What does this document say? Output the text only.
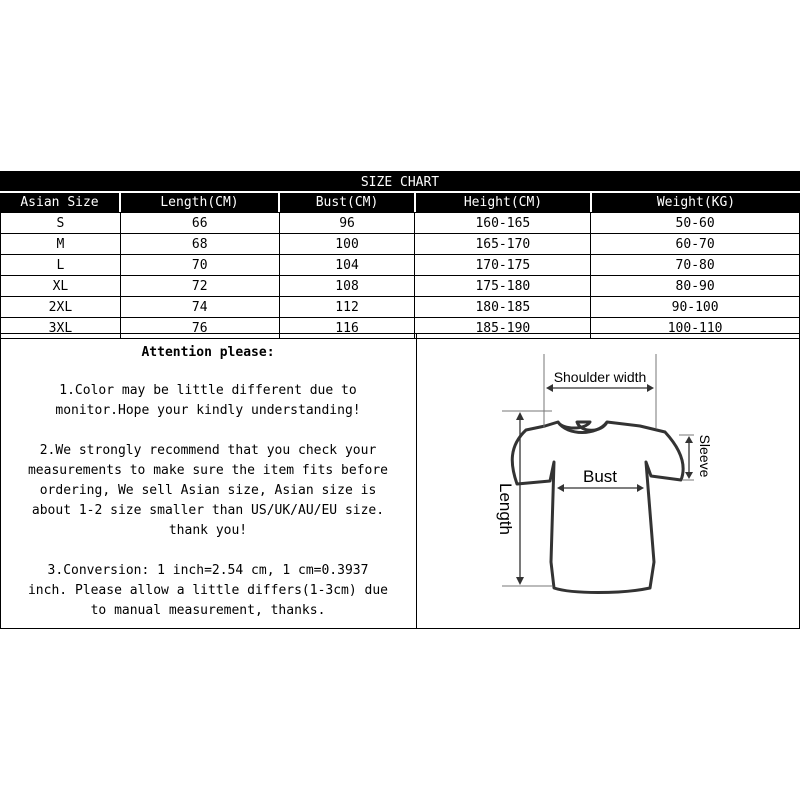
SIZE CHART
Asian Size	Length(CM)	Bust(CM)	Height(CM)	Weight(KG)
S	66	96	160-165	50-60
M	68	100	165-170	60-70
L	70	104	170-175	70-80
XL	72	108	175-180	80-90
2XL	74	112	180-185	90-100
3XL	76	116	185-190	100-110
Attention please:

1.Color may be little different due to
monitor.Hope your kindly understanding!

2.We strongly recommend that you check your
measurements to make sure the item fits before
ordering, We sell Asian size, Asian size is
about 1-2 size smaller than US/UK/AU/EU size.
thank you!

3.Conversion: 1 inch=2.54 cm, 1 cm=0.3937
inch. Please allow a little differs(1-3cm) due
to manual measurement, thanks.

Shoulder width
Bust
Length
Sleeve
